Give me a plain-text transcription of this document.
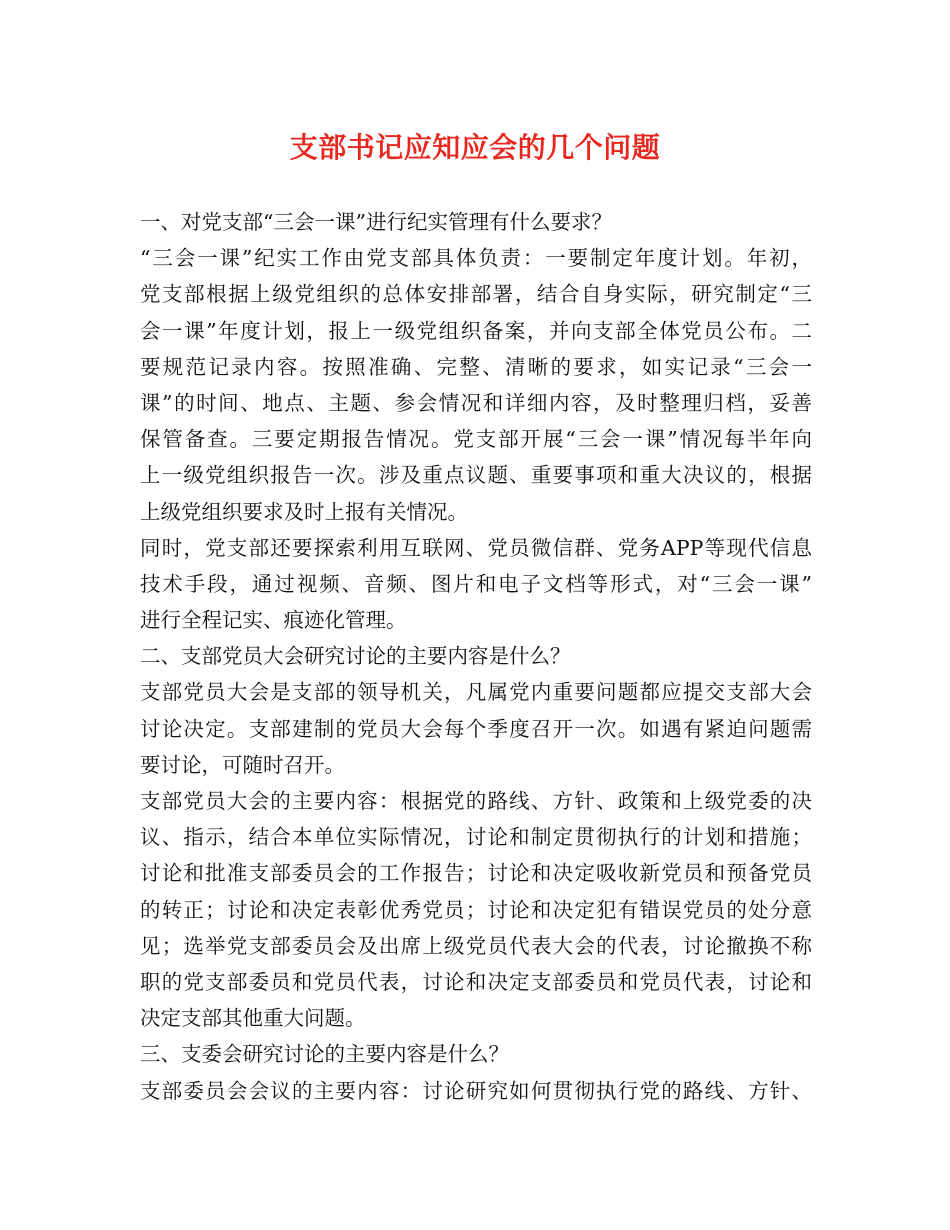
支部书记应知应会的几个问题
一、对党支部“三会一课”进行纪实管理有什么要求？
“三会一课”纪实工作由党支部具体负责：一要制定年度计划。年初，
党支部根据上级党组织的总体安排部署，结合自身实际，研究制定“三
会一课”年度计划，报上一级党组织备案，并向支部全体党员公布。二
要规范记录内容。按照准确、完整、清晰的要求，如实记录“三会一
课”的时间、地点、主题、参会情况和详细内容，及时整理归档，妥善
保管备查。三要定期报告情况。党支部开展“三会一课”情况每半年向
上一级党组织报告一次。涉及重点议题、重要事项和重大决议的，根据
上级党组织要求及时上报有关情况。
同时，党支部还要探索利用互联网、党员微信群、党务APP等现代信息
技术手段，通过视频、音频、图片和电子文档等形式，对“三会一课”
进行全程记实、痕迹化管理。
二、支部党员大会研究讨论的主要内容是什么？
支部党员大会是支部的领导机关，凡属党内重要问题都应提交支部大会
讨论决定。支部建制的党员大会每个季度召开一次。如遇有紧迫问题需
要讨论，可随时召开。
支部党员大会的主要内容：根据党的路线、方针、政策和上级党委的决
议、指示，结合本单位实际情况，讨论和制定贯彻执行的计划和措施；
讨论和批准支部委员会的工作报告；讨论和决定吸收新党员和预备党员
的转正；讨论和决定表彰优秀党员；讨论和决定犯有错误党员的处分意
见；选举党支部委员会及出席上级党员代表大会的代表，讨论撤换不称
职的党支部委员和党员代表，讨论和决定支部委员和党员代表，讨论和
决定支部其他重大问题。
三、支委会研究讨论的主要内容是什么？
支部委员会会议的主要内容：讨论研究如何贯彻执行党的路线、方针、
